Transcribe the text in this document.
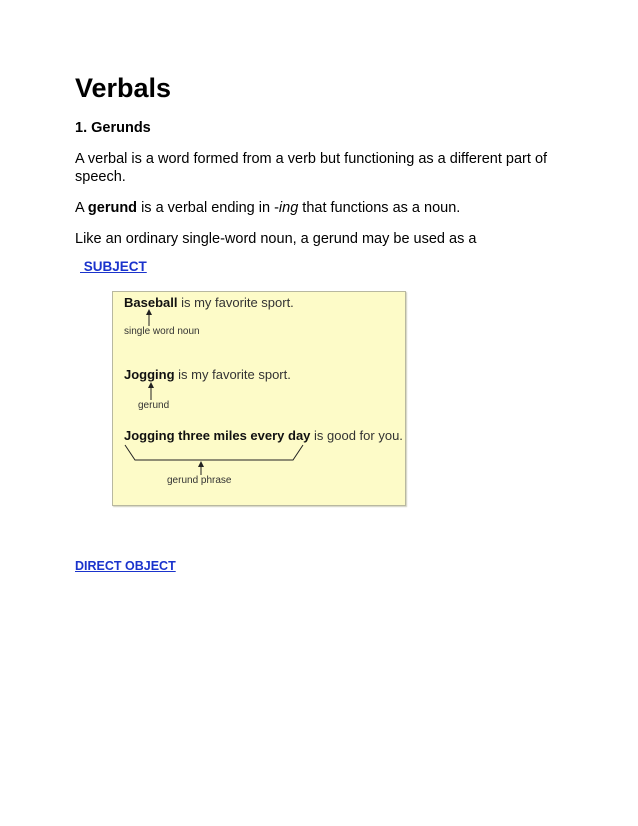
Verbals
1. Gerunds
A verbal is a word formed from a verb but functioning as a different part of speech.
A gerund is a verbal ending in -ing that functions as a noun.
Like an ordinary single-word noun, a gerund may be used as a
SUBJECT
Baseball is my favorite sport.
single word noun
Jogging is my favorite sport.
gerund
Jogging three miles every day is good for you.
gerund phrase
DIRECT OBJECT
